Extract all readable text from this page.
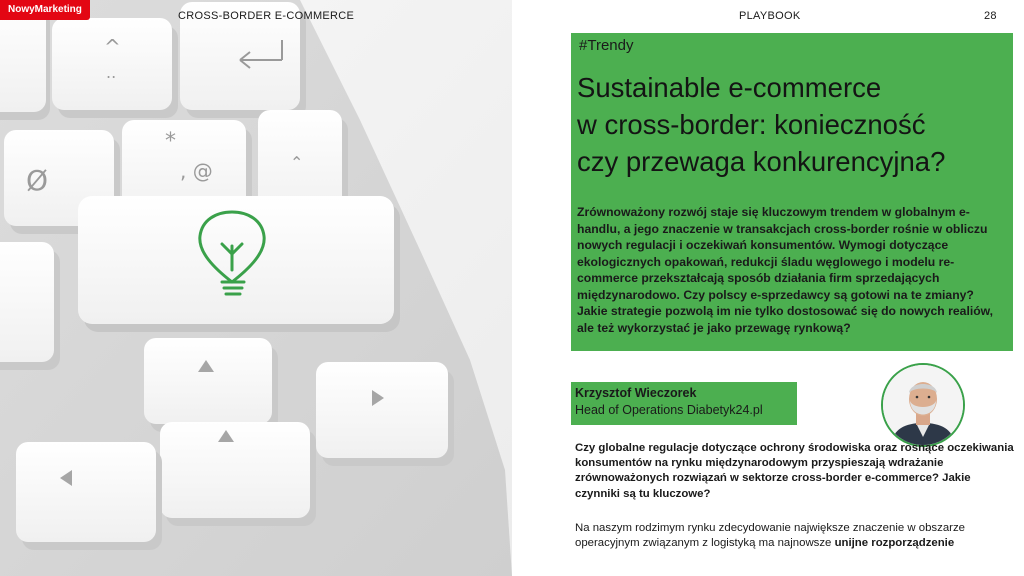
^
..
*
, @
Ø
⌃
NowyMarketing
CROSS-BORDER E-COMMERCE	PLAYBOOK	28
#Trendy
Sustainable e-commerce
w cross-border: konieczność
czy przewaga konkurencyjna?

Zrównoważony rozwój staje się kluczowym trendem w globalnym e-handlu, a jego znaczenie w transakcjach cross-border rośnie w obliczu nowych regulacji i oczekiwań konsumentów. Wymogi dotyczące ekologicznych opakowań, redukcji śladu węglowego i modelu re-commerce przekształcają sposób działania firm sprzedających międzynarodowo. Czy polscy e-sprzedawcy są gotowi na te zmiany? Jakie strategie pozwolą im nie tylko dostosować się do nowych realiów, ale też wykorzystać je jako przewagę rynkową?

Krzysztof Wieczorek
Head of Operations Diabetyk24.pl

Czy globalne regulacje dotyczące ochrony środowiska oraz rosnące oczekiwania konsumentów na rynku międzynarodowym przyspieszają wdrażanie zrównoważonych rozwiązań w sektorze cross-border e-commerce? Jakie czynniki są tu kluczowe?

Na naszym rodzimym rynku zdecydowanie największe znaczenie w obszarze operacyjnym związanym z logistyką ma najnowsze unijne rozporządzenie
